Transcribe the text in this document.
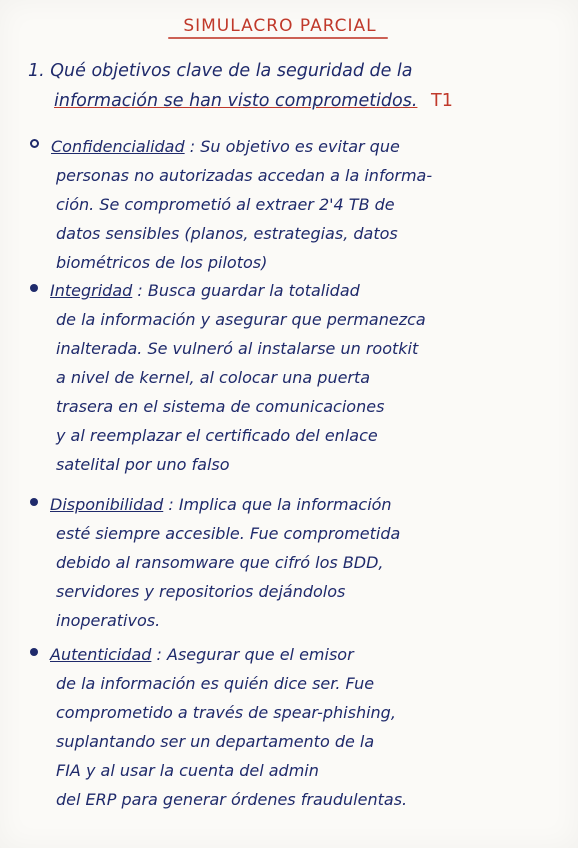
SIMULACRO PARCIAL
1. Qué objetivos clave de la seguridad de la
información se han visto comprometidos. T1
Confidencialidad
: Su objetivo es evitar que
personas no autorizadas accedan a la informa-
ción. Se comprometió al extraer 2'4 TB de
datos sensibles (planos, estrategias, datos
biométricos de los pilotos)
Integridad
: Busca guardar la totalidad
de la información y asegurar que permanezca
inalterada. Se vulneró al instalarse un rootkit
a nivel de kernel, al colocar una puerta
trasera en el sistema de comunicaciones
y al reemplazar el certificado del enlace
satelital por uno falso
Disponibilidad
: Implica que la información
esté siempre accesible. Fue comprometida
debido al ransomware que cifró los BDD,
servidores y repositorios dejándolos
inoperativos.
Autenticidad
: Asegurar que el emisor
de la información es quién dice ser. Fue
comprometido a través de spear-phishing,
suplantando ser un departamento de la
FIA y al usar la cuenta del admin
del ERP para generar órdenes fraudulentas.
